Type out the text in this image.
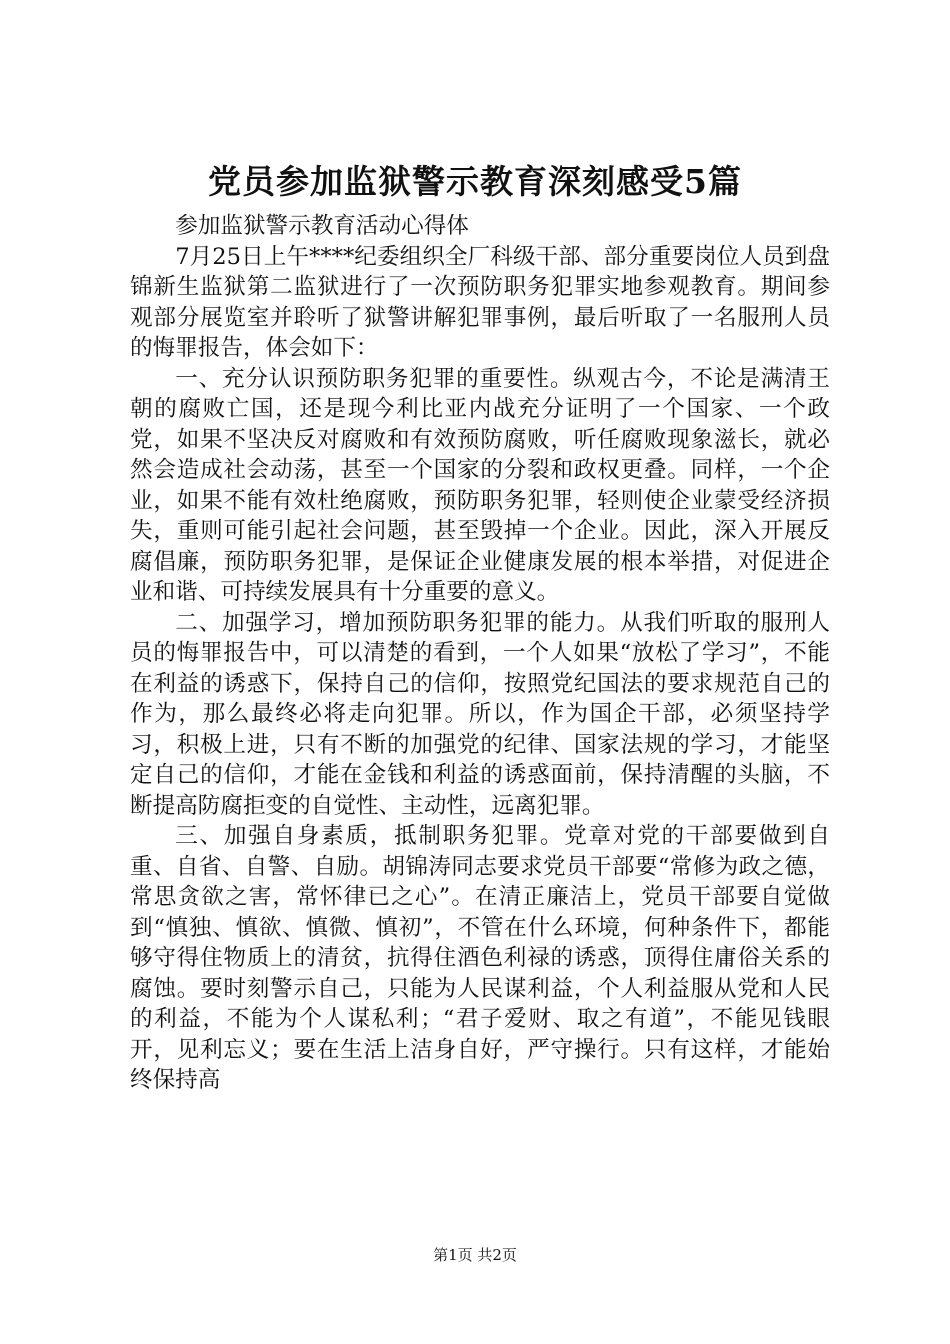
党员参加监狱警示教育深刻感受5篇

参加监狱警示教育活动心得体

7月25日上午****纪委组织全厂科级干部、部分重要岗位人员到盘锦新生监狱第二监狱进行了一次预防职务犯罪实地参观教育。期间参观部分展览室并聆听了狱警讲解犯罪事例，最后听取了一名服刑人员的悔罪报告，体会如下：

一、充分认识预防职务犯罪的重要性。纵观古今，不论是满清王朝的腐败亡国，还是现今利比亚内战充分证明了一个国家、一个政党，如果不坚决反对腐败和有效预防腐败，听任腐败现象滋长，就必然会造成社会动荡，甚至一个国家的分裂和政权更叠。同样，一个企业，如果不能有效杜绝腐败，预防职务犯罪，轻则使企业蒙受经济损失，重则可能引起社会问题，甚至毁掉一个企业。因此，深入开展反腐倡廉，预防职务犯罪，是保证企业健康发展的根本举措，对促进企业和谐、可持续发展具有十分重要的意义。

二、加强学习，增加预防职务犯罪的能力。从我们听取的服刑人员的悔罪报告中，可以清楚的看到，一个人如果“放松了学习”，不能在利益的诱惑下，保持自己的信仰，按照党纪国法的要求规范自己的作为，那么最终必将走向犯罪。所以，作为国企干部，必须坚持学习，积极上进，只有不断的加强党的纪律、国家法规的学习，才能坚定自己的信仰，才能在金钱和利益的诱惑面前，保持清醒的头脑，不断提高防腐拒变的自觉性、主动性，远离犯罪。

三、加强自身素质，抵制职务犯罪。党章对党的干部要做到自重、自省、自警、自励。胡锦涛同志要求党员干部要“常修为政之德，常思贪欲之害，常怀律已之心”。在清正廉洁上，党员干部要自觉做到“慎独、慎欲、慎微、慎初”，不管在什么环境，何种条件下，都能够守得住物质上的清贫，抗得住酒色利禄的诱惑，顶得住庸俗关系的腐蚀。要时刻警示自己，只能为人民谋利益，个人利益服从党和人民的利益，不能为个人谋私利；“君子爱财、取之有道”，不能见钱眼开，见利忘义；要在生活上洁身自好，严守操行。只有这样，才能始终保持高

第1页 共2页
